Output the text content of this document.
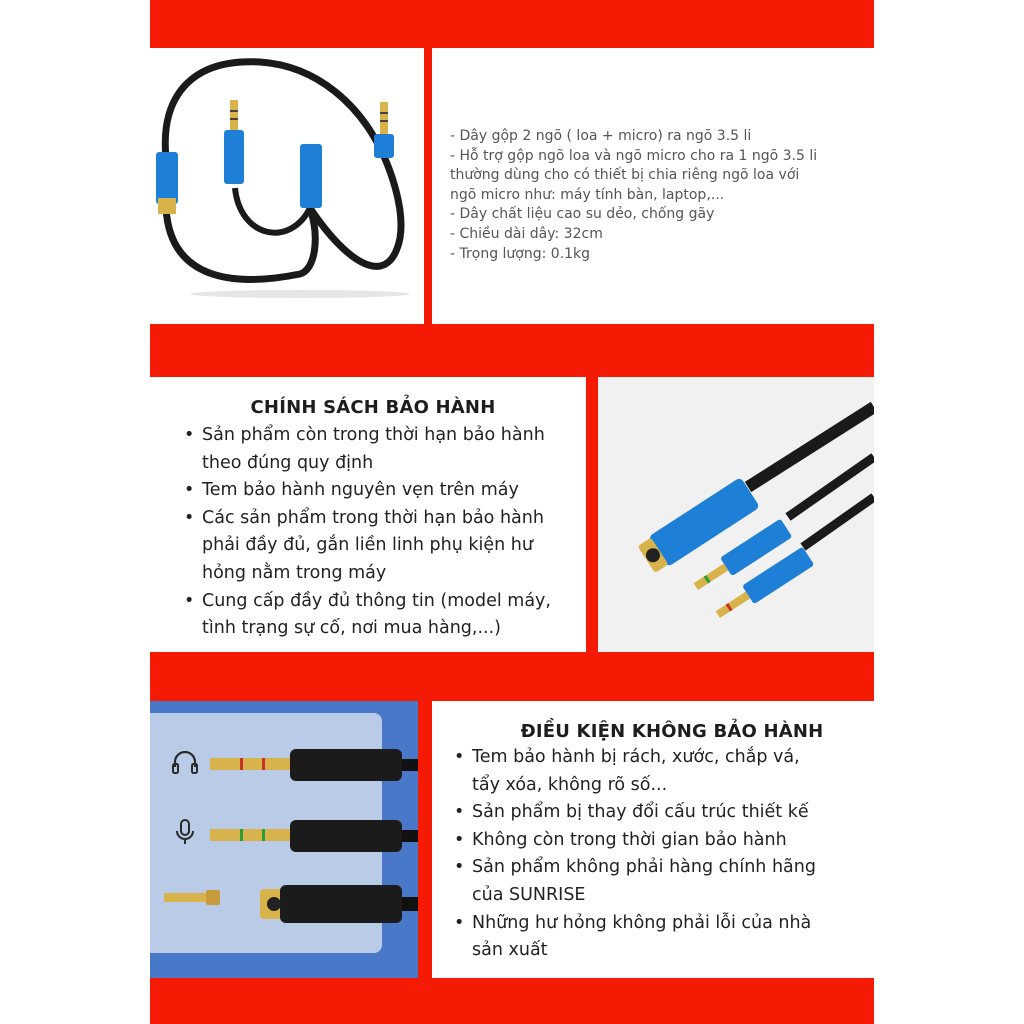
- Dây gộp 2 ngõ ( loa + micro) ra ngõ 3.5 li
- Hỗ trợ gộp ngõ loa và ngõ micro cho ra 1 ngõ 3.5 li
thường dùng cho có thiết bị chia riêng ngõ loa với
ngõ micro như: máy tính bàn, laptop,...
- Dây chất liệu cao su dẻo, chống gãy
- Chiều dài dây: 32cm
- Trọng lượng: 0.1kg
CHÍNH SÁCH BẢO HÀNH
• Sản phẩm còn trong thời hạn bảo hành
theo đúng quy định
• Tem bảo hành nguyên vẹn trên máy
• Các sản phẩm trong thời hạn bảo hành
phải đầy đủ, gắn liền linh phụ kiện hư
hỏng nằm trong máy
• Cung cấp đầy đủ thông tin (model máy,
tình trạng sự cố, nơi mua hàng,...)
ĐIỀU KIỆN KHÔNG BẢO HÀNH
• Tem bảo hành bị rách, xước, chắp vá,
tẩy xóa, không rõ số...
• Sản phẩm bị thay đổi cấu trúc thiết kế
• Không còn trong thời gian bảo hành
• Sản phẩm không phải hàng chính hãng
của SUNRISE
• Những hư hỏng không phải lỗi của nhà
sản xuất
